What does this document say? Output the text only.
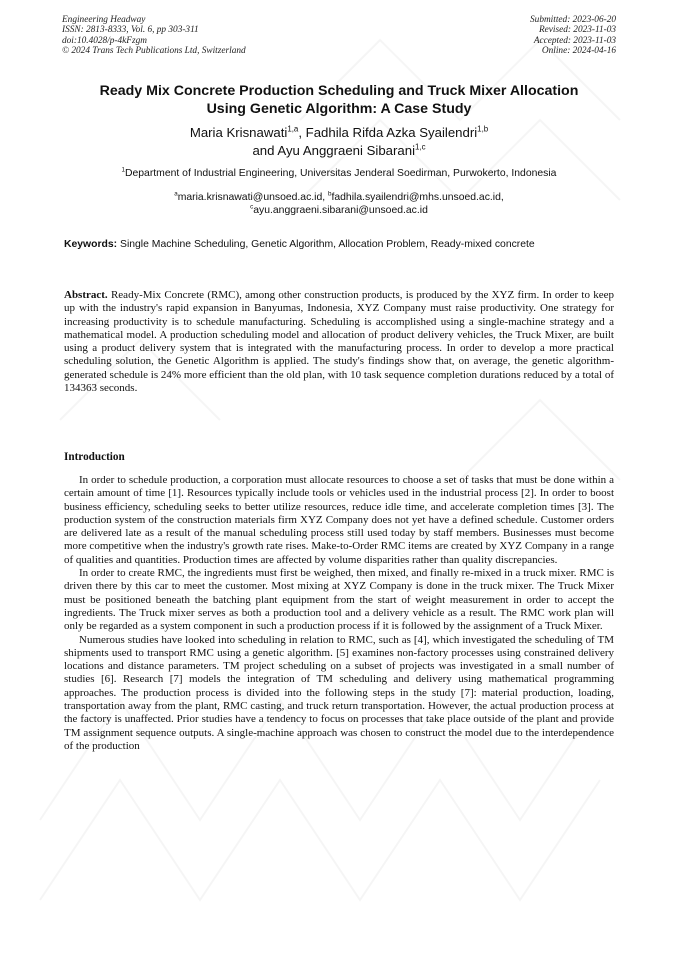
Engineering Headway
ISSN: 2813-8333, Vol. 6, pp 303-311
doi:10.4028/p-4kFzgm
© 2024 Trans Tech Publications Ltd, Switzerland
Submitted: 2023-06-20
Revised: 2023-11-03
Accepted: 2023-11-03
Online: 2024-04-16
Ready Mix Concrete Production Scheduling and Truck Mixer Allocation
Using Genetic Algorithm: A Case Study
Maria Krisnawati$^{1,a}$, Fadhila Rifda Azka Syailendri$^{1,b}$
and Ayu Anggraeni Sibarani$^{1,c}$
$^1$Department of Industrial Engineering, Universitas Jenderal Soedirman, Purwokerto, Indonesia
$^a$maria.krisnawati@unsoed.ac.id, $^b$fadhila.syailendri@mhs.unsoed.ac.id,
$^c$ayu.anggraeni.sibarani@unsoed.ac.id
Keywords: Single Machine Scheduling, Genetic Algorithm, Allocation Problem, Ready-mixed concrete
Abstract. Ready-Mix Concrete (RMC), among other construction products, is produced by the XYZ firm. In order to keep up with the industry's rapid expansion in Banyumas, Indonesia, XYZ Company must raise productivity. One strategy for increasing productivity is to schedule manufacturing. Scheduling is accomplished using a single-machine strategy and a mathematical model. A production scheduling model and allocation of product delivery vehicles, the Truck Mixer, are built using a product delivery system that is integrated with the manufacturing process. In order to develop a more practical scheduling solution, the Genetic Algorithm is applied. The study's findings show that, on average, the genetic algorithm-generated schedule is 24% more efficient than the old plan, with 10 task sequence completion durations reduced by a total of 134363 seconds.
Introduction

In order to schedule production, a corporation must allocate resources to choose a set of tasks that must be done within a certain amount of time [1]. Resources typically include tools or vehicles used in the industrial process [2]. In order to boost business efficiency, scheduling seeks to better utilize resources, reduce idle time, and accelerate completion times [3]. The production system of the construction materials firm XYZ Company does not yet have a defined schedule. Customer orders are delivered late as a result of the manual scheduling process still used today by staff members. Businesses must become more competitive when the industry's growth rate rises. Make-to-Order RMC items are created by XYZ Company in a range of qualities and quantities. Production times are affected by volume disparities rather than quality discrepancies.

In order to create RMC, the ingredients must first be weighed, then mixed, and finally re-mixed in a truck mixer. RMC is driven there by this car to meet the customer. Most mixing at XYZ Company is done in the truck mixer. The Truck Mixer must be positioned beneath the batching plant equipment from the start of weight measurement in order to accept the ingredients. The Truck mixer serves as both a production tool and a delivery vehicle as a result. The RMC work plan will only be regarded as a system component in such a production process if it is followed by the assignment of a Truck Mixer.

Numerous studies have looked into scheduling in relation to RMC, such as [4], which investigated the scheduling of TM shipments used to transport RMC using a genetic algorithm. [5] examines non-factory processes using constrained delivery locations and distance parameters. TM project scheduling on a subset of projects was investigated in a small number of studies [6]. Research [7] models the integration of TM scheduling and delivery using mathematical programming approaches. The production process is divided into the following steps in the study [7]: material production, loading, transportation away from the plant, RMC casting, and truck return transportation. However, the actual production process at the factory is unaffected. Prior studies have a tendency to focus on processes that take place outside of the plant and provide TM assignment sequence outputs. A single-machine approach was chosen to construct the model due to the interdependence of the production
